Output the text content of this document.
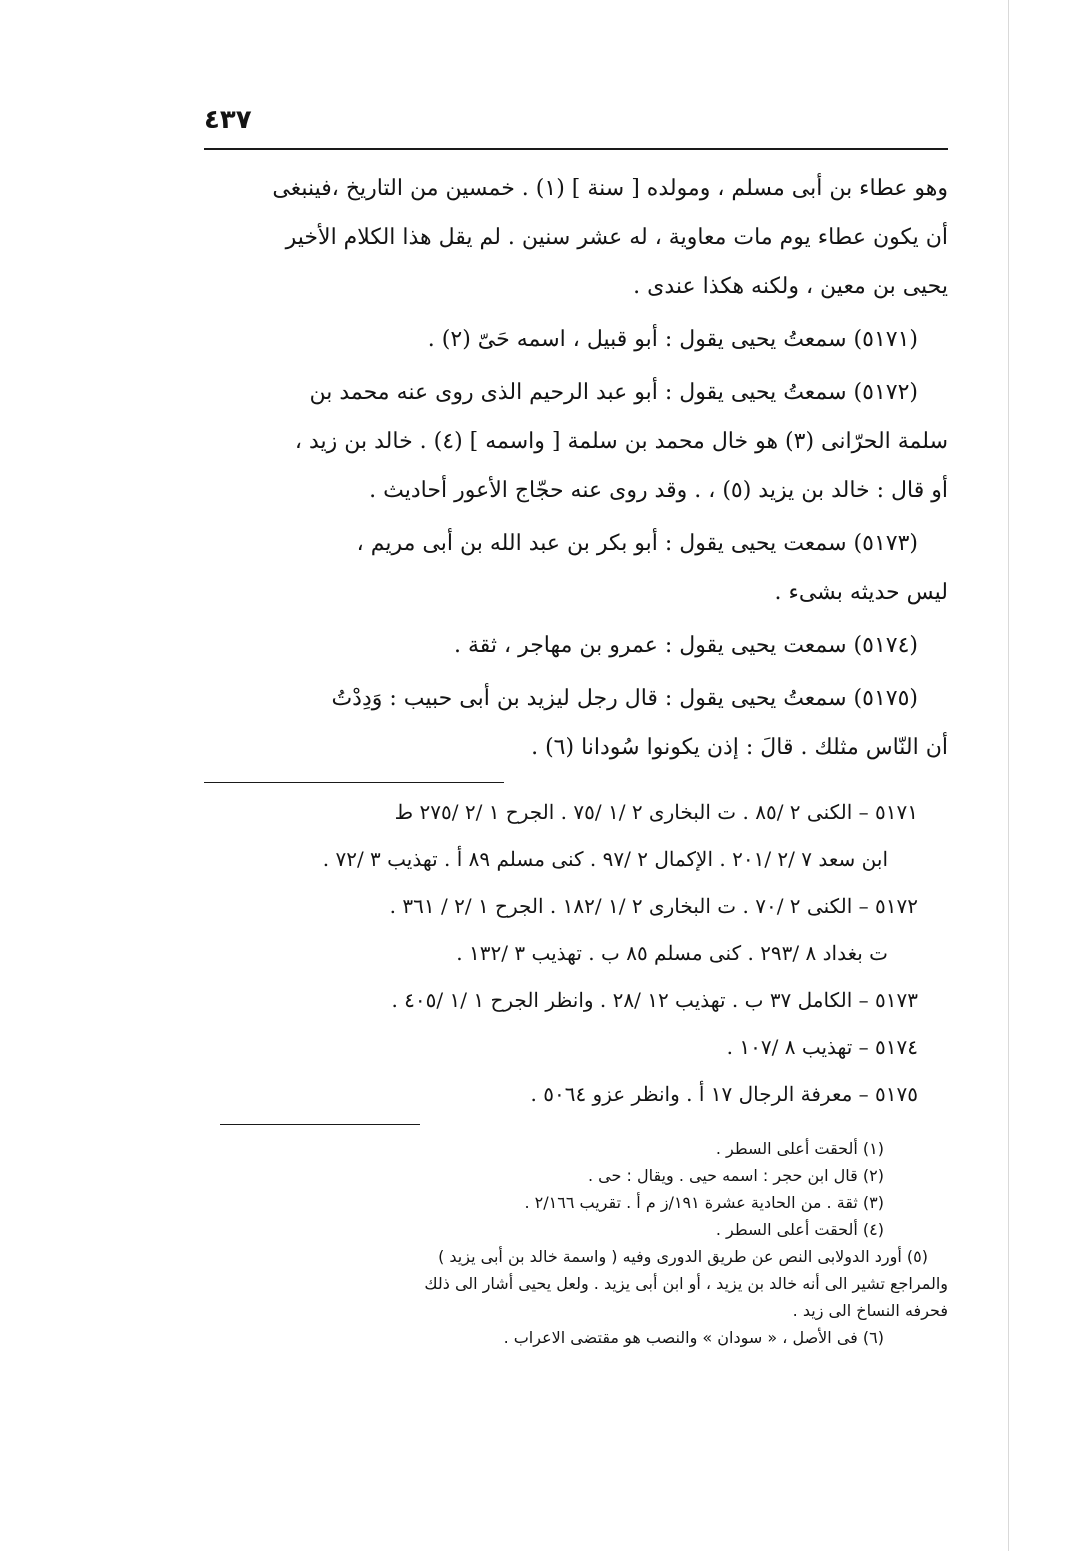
٤٣٧

وهو عطاء بن أبى مسلم ، ومولده [ سنة ] (١) . خمسين من التاريخ ،فينبغى

أن يكون عطاء يوم مات معاوية ، له عشر سنين . لم يقل هذا الكلام الأخير

يحيى بن معين ، ولكنه هكذا عندى .

(٥١٧١) سمعتُ يحيى يقول : أبو قبيل ، اسمه حَىّ (٢) .

(٥١٧٢) سمعتُ يحيى يقول : أبو عبد الرحيم الذى روى عنه محمد بن

سلمة الحرّانى (٣) هو خال محمد بن سلمة [ واسمه ] (٤) . خالد بن زيد ،

أو قال : خالد بن يزيد (٥) ، . وقد روى عنه حجّاج الأعور أحاديث .

(٥١٧٣) سمعت يحيى يقول : أبو بكر بن عبد الله بن أبى مريم ،

ليس حديثه بشىء .

(٥١٧٤) سمعت يحيى يقول : عمرو بن مهاجر ، ثقة .

(٥١٧٥) سمعتُ يحيى يقول : قال رجل ليزيد بن أبى حبيب : وَدِدْتُ

أن النّاس مثلك . قالَ : إذن يكونوا سُودانا (٦) .

٥١٧١ – الكنى ٢ /٨٥ . ت البخارى ٢ /١ /٧٥ . الجرح ١ /٢ /٢٧٥ ط

ابن سعد ٧ /٢ /٢٠١ . الإكمال ٢ /٩٧ . كنى مسلم ٨٩ أ . تهذيب ٣ /٧٢ .

٥١٧٢ – الكنى ٢ /٧٠ . ت البخارى ٢ /١ /١٨٢ . الجرح ١ /٢ / ٣٦١ .

ت بغداد ٨ /٢٩٣ . كنى مسلم ٨٥ ب . تهذيب ٣ /١٣٢ .

٥١٧٣ – الكامل ٣٧ ب . تهذيب ١٢ /٢٨ . وانظر الجرح ١ /١ /٤٠٥ .

٥١٧٤ – تهذيب ٨ /١٠٧ .

٥١٧٥ – معرفة الرجال ١٧ أ . وانظر عزو ٥٠٦٤ .

(١) ألحقت أعلى السطر .

(٢) قال ابن حجر : اسمه حيى . ويقال : حى .

(٣) ثقة . من الحادية عشرة ١٩١/ز م أ . تقريب ٢/١٦٦ .

(٤) ألحقت أعلى السطر .

(٥) أورد الدولابى النص عن طريق الدورى وفيه ( واسمة خالد بن أبى يزيد )

والمراجع تشير الى أنه خالد بن يزيد ، أو ابن أبى يزيد . ولعل يحيى أشار الى ذلك

فحرفه النساخ الى زيد .

(٦) فى الأصل ، « سودان » والنصب هو مقتضى الاعراب .
